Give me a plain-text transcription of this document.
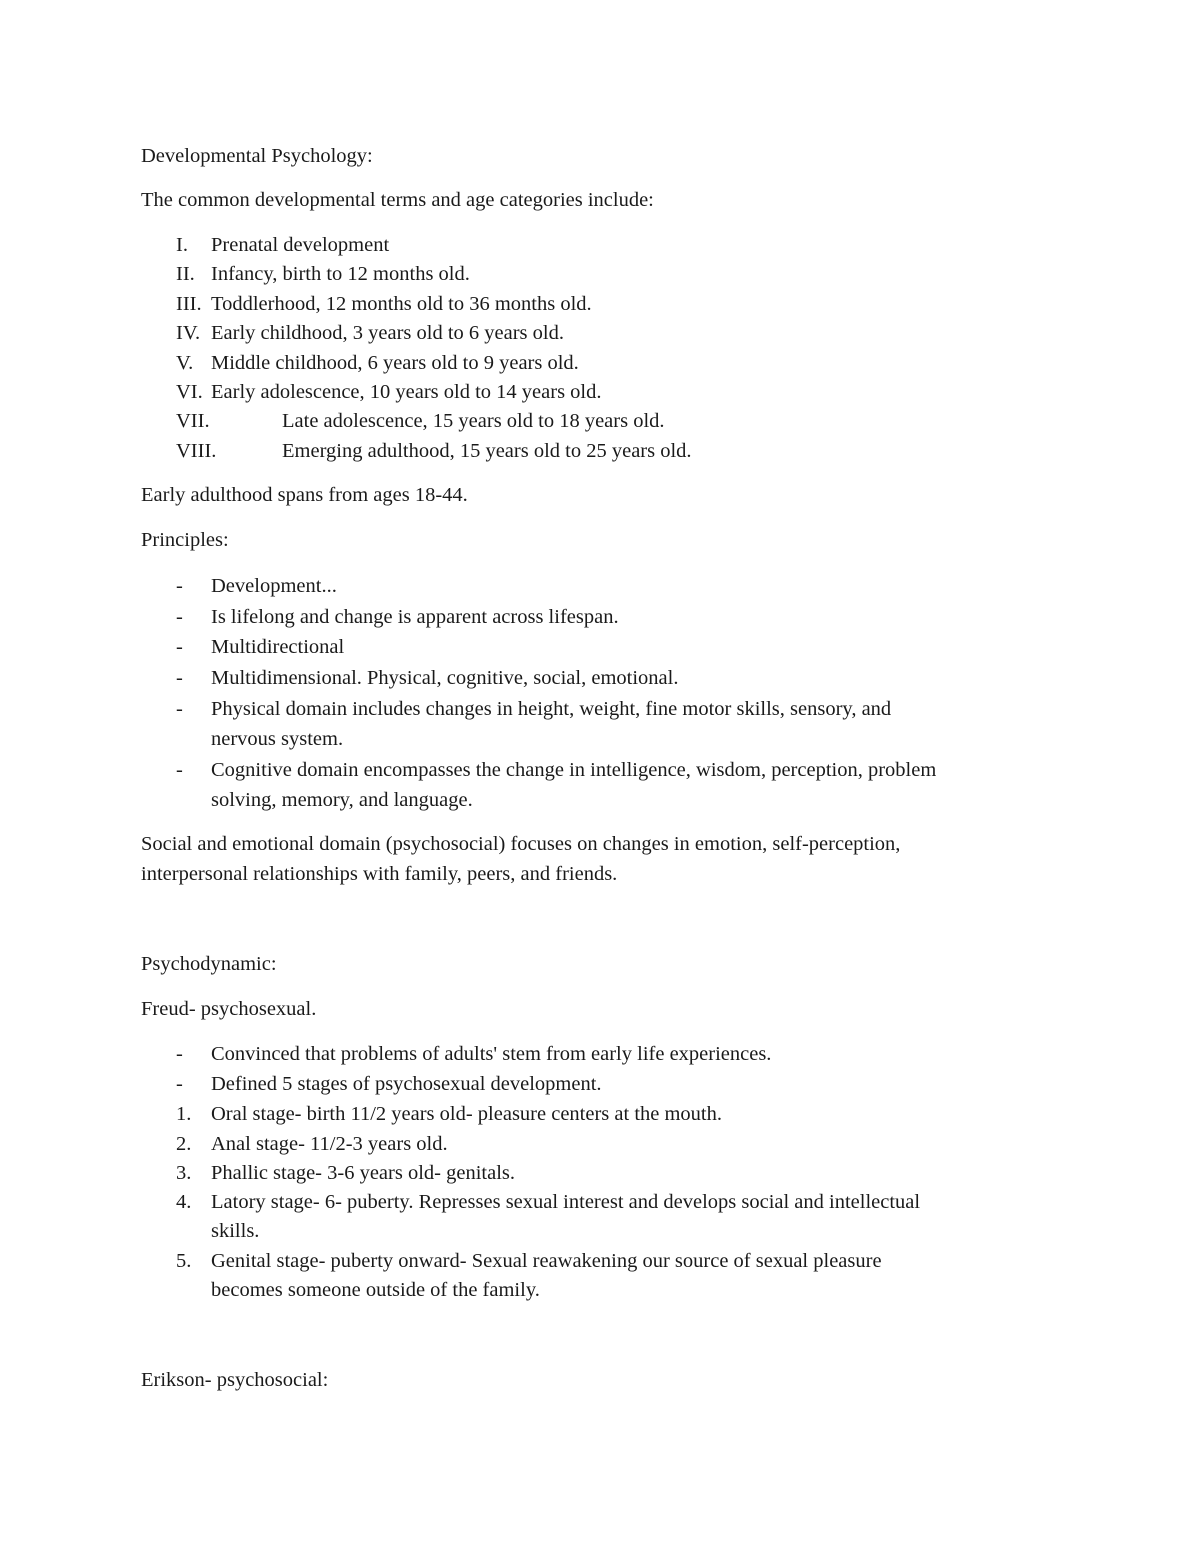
Developmental Psychology:
The common developmental terms and age categories include:
I. Prenatal development
II. Infancy, birth to 12 months old.
III. Toddlerhood, 12 months old to 36 months old.
IV. Early childhood, 3 years old to 6 years old.
V. Middle childhood, 6 years old to 9 years old.
VI. Early adolescence, 10 years old to 14 years old.
VII.	Late adolescence, 15 years old to 18 years old.
VIII.	Emerging adulthood, 15 years old to 25 years old.
Early adulthood spans from ages 18-44.
Principles:
- Development...
- Is lifelong and change is apparent across lifespan.
- Multidirectional
- Multidimensional. Physical, cognitive, social, emotional.
- Physical domain includes changes in height, weight, fine motor skills, sensory, and
nervous system.
- Cognitive domain encompasses the change in intelligence, wisdom, perception, problem
solving, memory, and language.
Social and emotional domain (psychosocial) focuses on changes in emotion, self-perception,
interpersonal relationships with family, peers, and friends.
Psychodynamic:
Freud- psychosexual.
- Convinced that problems of adults' stem from early life experiences.
- Defined 5 stages of psychosexual development.
1. Oral stage- birth 11/2 years old- pleasure centers at the mouth.
2. Anal stage- 11/2-3 years old.
3. Phallic stage- 3-6 years old- genitals.
4. Latory stage- 6- puberty. Represses sexual interest and develops social and intellectual
skills.
5. Genital stage- puberty onward- Sexual reawakening our source of sexual pleasure
becomes someone outside of the family.
Erikson- psychosocial:
